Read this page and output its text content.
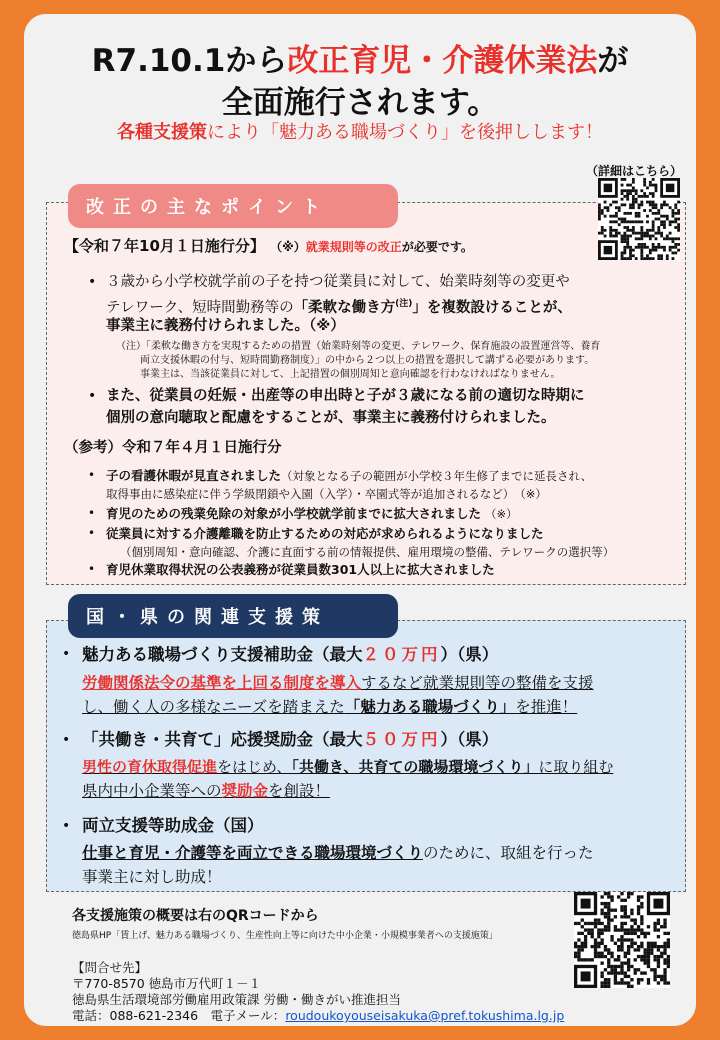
R7.10.1から改正育児・介護休業法が
全面施行されます。
各種支援策により「魅力ある職場づくり」を後押しします！
（詳細はこちら）
改正の主なポイント
【令和７年10月１日施行分】 （※）就業規則等の改正が必要です。
• ３歳から小学校就学前の子を持つ従業員に対して、始業時刻等の変更や
テレワーク、短時間勤務等の「柔軟な働き方$^{(注)}$」を複数設けることが、
事業主に義務付けられました。（※）
（注）「柔軟な働き方を実現するための措置（始業時刻等の変更、テレワーク、保育施設の設置運営等、養育
両立支援休暇の付与、短時間勤務制度）」の中から２つ以上の措置を選択して講ずる必要があります。
事業主は、当該従業員に対して、上記措置の個別周知と意向確認を行わなければなりません。
• また、従業員の妊娠・出産等の申出時と子が３歳になる前の適切な時期に
個別の意向聴取と配慮をすることが、事業主に義務付けられました。
（参考）令和７年４月１日施行分
• 子の看護休暇が見直されました（対象となる子の範囲が小学校３年生修了までに延長され、
取得事由に感染症に伴う学級閉鎖や入園（入学）・卒園式等が追加されるなど）　（※）
• 育児のための残業免除の対象が小学校就学前までに拡大されました （※）
• 従業員に対する介護離職を防止するための対応が求められるようになりました
（個別周知・意向確認、介護に直面する前の情報提供、雇用環境の整備、テレワークの選択等）
• 育児休業取得状況の公表義務が従業員数301人以上に拡大されました
国・県の関連支援策
• 魅力ある職場づくり支援補助金（最大２０万円）（県）
労働関係法令の基準を上回る制度を導入するなど就業規則等の整備を支援
し、働く人の多様なニーズを踏まえた「魅力ある職場づくり」を推進！
• 「共働き・共育て」応援奨励金（最大５０万円）（県）
男性の育休取得促進をはじめ、「共働き、共育ての職場環境づくり」に取り組む
県内中小企業等への奨励金を創設！
• 両立支援等助成金（国）
仕事と育児・介護等を両立できる職場環境づくりのために、取組を行った
事業主に対し助成！
各支援施策の概要は右のQRコードから
徳島県HP「賃上げ、魅力ある職場づくり、生産性向上等に向けた中小企業・小規模事業者への支援施策」
【問合せ先】
〒770-8570 徳島市万代町１－１
徳島県生活環境部労働雇用政策課 労働・働きがい推進担当
電話：088-621-2346　電子メール：roudoukoyouseisakuka@pref.tokushima.lg.jp
